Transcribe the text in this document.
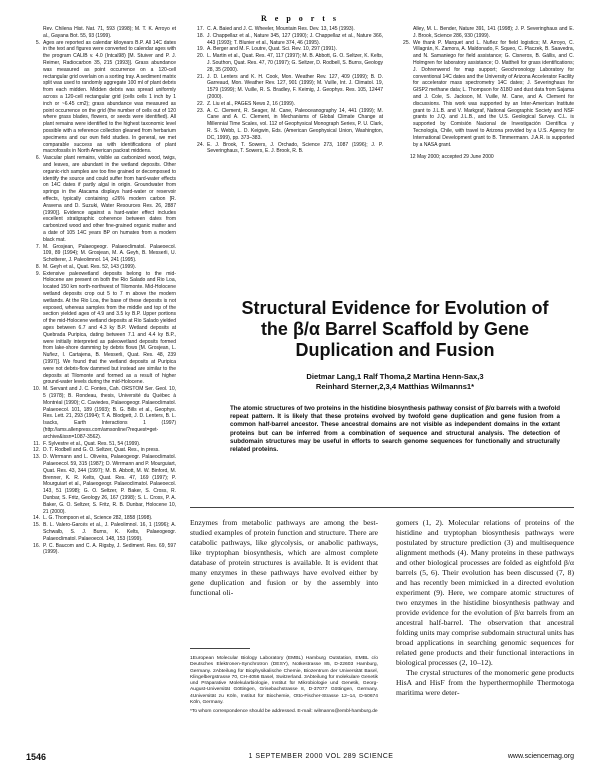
R e p o r t s
Rev. Chilena Hist. Nat. 71, 593 (1998); M. T. K. Arroyo et al., Gayana Bot. 55, 93 (1999).
5. Ages are reported as calendar kiloyears B.P. All 14C dates in the text and figures were converted to calendar ages with the program CALIB v. 4.0 (Intcal98) [M. Stuiver and P. J. Reimer, Radiocarbon 35, 215 (1993)]. Grass abundance was measured as point occurrence on a 120-cell rectangular grid overlain on a sorting tray. A sediment matrix split was used to randomly aggregate 100 ml of plant debris from each midden. Midden debris was spread uniformly across a 120-cell rectangular grid (cells cells 1 inch by 1 inch or ~6.45 cm2); grass abundance was measured as point occurrence on the grid (the number of cells out of 120 where grass blades, flowers, or seeds were identified). All plant remains were identified to the highest taxonomic level possible with a reference collection gleaned from herbarium specimens and our own field studies. In general, we met comparable success as with identifications of plant macrofossils in North American packrat middens.
6. Vascular plant remains, visible as carbonized wood, twigs, and leaves, are abundant in the wetland deposits. Other organic-rich samples are too fine grained or decomposed to identify the source and could suffer from hard-water effects on 14C dates if partly algal in origin. Groundwater from springs in the Atacama displays hard-water or reservoir effects, typically containing ≤26% modern carbon [R. Aravena and D. Suzuki, Water Resources Res. 26, 2887 (1990)]. Evidence against a hard-water effect includes excellent stratigraphic coherence between dates from carbonized wood and other fine-grained organic matter and a date of 105 14C years BP on humates from a modern black mat.
7. M. Grosjean, Palaeogeogr. Palaeoclimatol. Palaeoecol. 109, 89 (1994); M. Grosjean, M. A. Geyh, B. Messerli, U. Schotterer, J. Paleolimnol. 14, 241 (1995).
8. M. Geyh et al., Quat. Res. 52, 143 (1999).
9. Extensive paleowetland deposits belong to the mid-Holocene are present on both the Rio Salado and Rio Loa, located 150 km north-northwest of Tilomonte. Mid-Holocene wetland deposits crop out 5 to 7 m above the modern wetlands. At the Rio Loa, the base of these deposits is not exposed, whereas samples from the middle and top of the section yielded ages of 4.9 and 3.5 ky B.P. Upper portions of the mid-Holocene wetland deposits at Rio Salado yielded ages between 6.7 and 4.3 ky B.P. Wetland deposits at Quebrada Puripica, dating between 7.1 and 4.4 ky B.P., were initially interpreted as paleowetland deposits formed from lake-shore damming by debris flows [M. Grosjean, L. Nuñez, I. Cartajena, B. Messerli, Quat. Res. 48, 239 (1997)]. We found that the wetland deposits at Puripica were not debris-flow dammed but instead are similar to the deposits at Tilomonte and formed as a result of higher ground-water levels during the mid-Holocene.
10. M. Servant and J. C. Fontes, Cah. ORSTOM Ser. Geol. 10, 5 (1978); B. Rondeau, thesis, Université du Québec à Montréal (1990); C. Caviedes, Palaeogeogr. Palaeoclimatol. Palaeoecol. 101, 189 (1993); B. G. Bills et al., Geophys. Res. Lett. 21, 293 (1994); T. A. Blodgett, J. D. Lenters, B. L. Isacks, Earth Interactions 1 (1997) (http://ams.allenpress.com/amsonline/?request=get-archive&issn=1087-3562).
11. F. Sylvestre et al., Quat. Res. 51, 54 (1999).
12. D. T. Rodbell and G. O. Seltzer, Quat. Res., in press.
13. D. Wirrmann and L. Oliveira, Palaeogeogr. Palaeoclimatol. Palaeoecol. 59, 315 (1987); D. Wirrmann and P. Mourguiart, Quat. Res. 43, 344 (1997); M. B. Abbott, M. W. Binford, M. Brenner, K. R. Kelts, Quat. Res. 47, 169 (1997); P. Mourguiart et al., Palaeogeogr. Palaeoclimatol. Palaeoecol. 143, 51 (1998); G. O. Seltzer, P. Baker, S. Cross, R. Dunbar, S. Fritz, Geology 26, 167 (1998); S. L. Cross, P. A. Baker, G. O. Seltzer, S. Fritz, R. B. Dunbar, Holocene 10, 21 (2000).
14. L. G. Thompson et al., Science 282, 1858 (1998).
15. B. L. Valero-Garcés et al., J. Paleolimnol. 16, 1 (1996); A. Schwalb, S. J. Burns, K. Kelts, Palaeogeogr. Palaeoclimatol. Palaeoecol. 148, 153 (1999).
16. P. C. Baucom and C. A. Rigsby, J. Sediment. Res. 69, 597 (1999).
17. C. A. Baied and J. C. Wheeler, Mountain Res. Dev. 13, 145 (1993).
18. J. Chappellaz et al., Nature 345, 127 (1990); J. Chappellaz et al., Nature 366, 443 (1993); T. Blunier et al., Nature 374, 46 (1995).
19. A. Berger and M. F. Loutre, Quat. Sci. Rev. 10, 297 (1991).
20. L. Martin et al., Quat. Res. 47, 117 (1997); M. B. Abbott, G. O. Seltzer, K. Kelts, J. Southon, Quat. Res. 47, 70 (1997); G. Seltzer, D. Rodbell, S. Burns, Geology 28, 35 (2000).
21. J. D. Lenters and K. H. Cook, Mon. Weather Rev. 127, 409 (1999); B. D. Garreaud, Mon. Weather Rev. 127, 901 (1999); M. Vuille, Int. J. Climatol. 19, 1579 (1999); M. Vuille, R. S. Bradley, F. Keimig, J. Geophys. Res. 105, 12447 (2000).
22. Z. Liu et al., PAGES News 2, 16 (1999).
23. A. C. Clement, R. Seager, M. Cane, Paleoceanography 14, 441 (1999); M. Cane and A. C. Clement, in Mechanisms of Global Climate Change at Millennial Time Scales, vol. 112 of Geophysical Monograph Series, P. U. Clark, R. S. Webb, L. D. Keigwin, Eds. (American Geophysical Union, Washington, DC, 1999), pp. 373–383.
24. E. J. Brook, T. Sowers, J. Orchado, Science 273, 1087 (1996); J. P. Severinghaus, T. Sowers, E. J. Brook, R. B.
Alley, M. L. Bender, Nature 391, 141 (1998); J. P. Severinghaus and E. J. Brook, Science 286, 930 (1999).
25. We thank P. Marquet and L. Nuñez for field logistics; M. Arroyo, C. Villagrán, K. Zamora, A. Maldonado, F. Squeo, C. Placzek, B. Saavedra, and N. Samaniego for field assistance; G. Cisneros, B. Gállis, and C. Holmgren for laboratory assistance; O. Mattheli for grass identifications; J. Dohrenwend for map support; Geochronology Laboratory for conventional 14C dates and the University of Arizona Accelerator Facility for accelerator mass spectrometry 14C dates; J. Severinghaus for GISP2 methane data; L. Thompson for δ18O and dust data from Sajama and J. Cole, S. Jackson, M. Vuille, M. Cane, and A. Clement for discussions. This work was supported by an Inter-American Institute grant to J.L.B. and V. Markgraf, National Geographic Society and NSF grants to J.Q. and J.L.B., and the U.S. Geological Survey. C.L. is supported by Comisión Nacional de Investigación Científica y Tecnología, Chile, with travel to Arizona provided by a U.S. Agency for International Development grant to B. Timmermann. J.A.R. is supported by a NASA grant.
12 May 2000; accepted 29 June 2000
Structural Evidence for Evolution of the β/α Barrel Scaffold by Gene Duplication and Fusion
Dietmar Lang,1 Ralf Thoma,2 Martina Henn-Sax,3
Reinhard Sterner,2,3,4 Matthias Wilmanns1*
The atomic structures of two proteins in the histidine biosynthesis pathway consist of β/α barrels with a twofold repeat pattern. It is likely that these proteins evolved by twofold gene duplication and gene fusion from a common half-barrel ancestor. These ancestral domains are not visible as independent domains in the extant proteins but can be inferred from a combination of sequence and structural analysis. The detection of subdomain structures may be useful in efforts to search genome sequences for functionally and structurally related proteins.
Enzymes from metabolic pathways are among the best-studied examples of protein function and structure. There are catabolic pathways, like glycolysis, or anabolic pathways, like tryptophan biosynthesis, which are almost complete database of protein structures is available. It is evident that many enzymes in these pathways have evolved either by gene duplication and fusion or by the assembly into functional oli-
1European Molecular Biology Laboratory (EMBL) Hamburg Outstation, EMBL c/o Deutsches Elektronen-Synchrotron (DESY), Notkestrasse 85, D-22603 Hamburg, Germany. 2Abteilung für Biophysikalische Chemie, Biozentrum der Universität Basel, Klingelbergstrasse 70, CH-4056 Basel, Switzerland. 3Abteilung für molekulare Genetik und Präparative Molekularbiologie, Institut für Mikrobiologie und Genetik, Georg-August-Universität Göttingen, Grisebachstrasse 8, D-37077 Göttingen, Germany. 4Universität zu Köln, Institut für Biochemie, Otto-Fischer-Strasse 12–14, D-50674 Köln, Germany.
*To whom correspondence should be addressed. E-mail: wilmanns@embl-hamburg.de
gomers (1, 2). Molecular relations of proteins of the histidine and tryptophan biosynthesis pathways were postulated by structure prediction (3) and multisequence alignment methods (4). Many proteins in these pathways and other biological processes are folded as eightfold β/α barrels (5, 6). Their evolution has been discussed (7, 8) and has recently been mimicked in a directed evolution experiment (9). Here, we compare atomic structures of two enzymes in the histidine biosynthesis pathway and provide evidence for the evolution of β/α barrels from an ancestral half-barrel. The observation that ancestral folding units may comprise subdomain structural units has broad applications in searching genomic sequences for related gene products and their functional interactions in biological processes (2, 10–12).
The crystal structures of the monomeric gene products HisA and HisF from the hyperthermophile Thermotoga maritima were deter-
1546	1 SEPTEMBER 2000 VOL 289 SCIENCE	www.sciencemag.org
